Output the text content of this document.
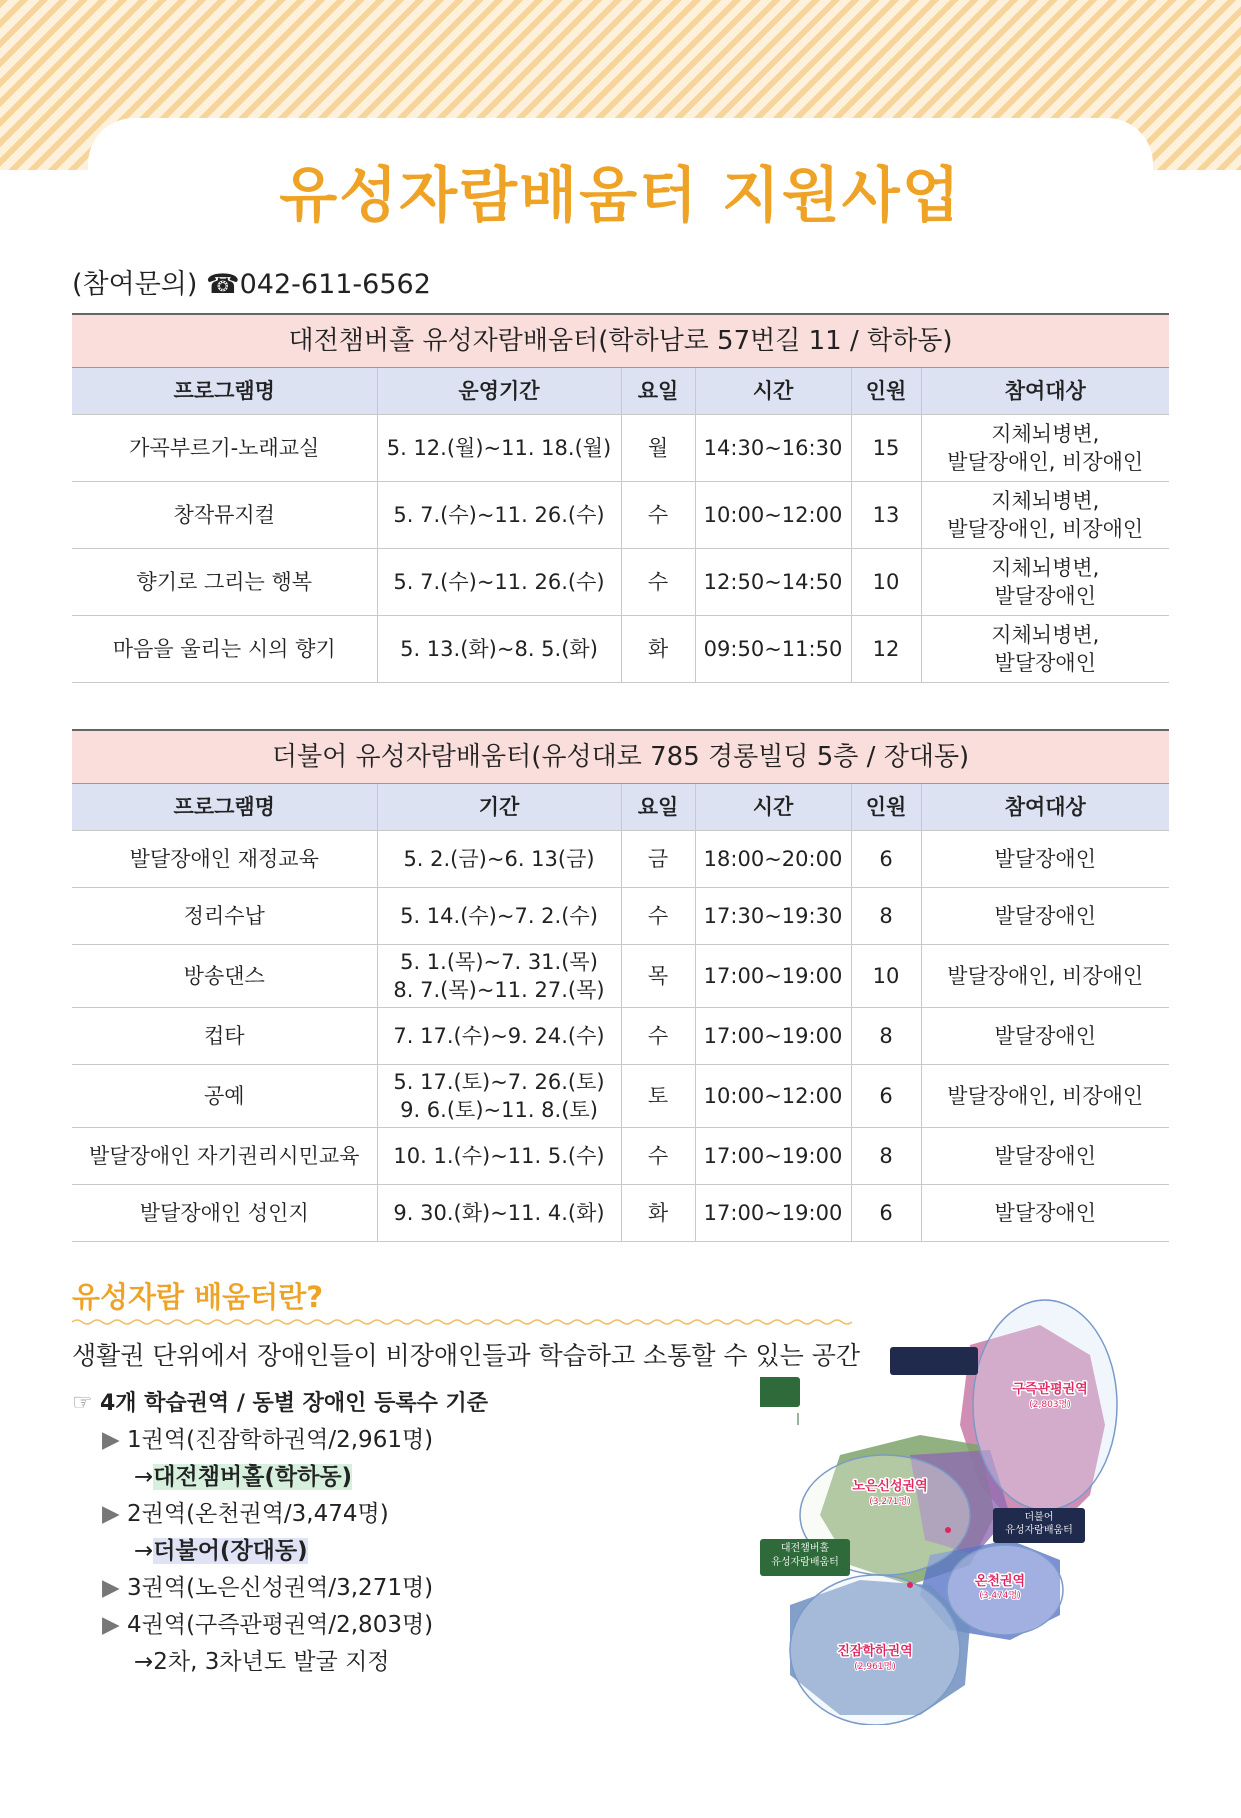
유성자람배움터 지원사업
(참여문의) ☎042-611-6562
대전챔버홀 유성자람배움터(학하남로 57번길 11 / 학하동)					
프로그램명	운영기간	요일	시간	인원	참여대상
가곡부르기-노래교실	5. 12.(월)~11. 18.(월)	월	14:30~16:30	15	지체뇌병변,
발달장애인, 비장애인

창작뮤지컬	5. 7.(수)~11. 26.(수)	수	10:00~12:00	13	지체뇌병변,
발달장애인, 비장애인

향기로 그리는 행복	5. 7.(수)~11. 26.(수)	수	12:50~14:50	10	지체뇌병변,
발달장애인

마음을 울리는 시의 향기	5. 13.(화)~8. 5.(화)	화	09:50~11:50	12	지체뇌병변,
발달장애인
더불어 유성자람배움터(유성대로 785 경롱빌딩 5층 / 장대동)					
프로그램명	기간	요일	시간	인원	참여대상
발달장애인 재정교육	5. 2.(금)~6. 13(금)	금	18:00~20:00	6	발달장애인
정리수납	5. 14.(수)~7. 2.(수)	수	17:30~19:30	8	발달장애인
방송댄스	5. 1.(목)~7. 31.(목)
8. 7.(목)~11. 27.(목)	목	17:00~19:00	10	발달장애인, 비장애인
컵타	7. 17.(수)~9. 24.(수)	수	17:00~19:00	8	발달장애인
공예	5. 17.(토)~7. 26.(토)
9. 6.(토)~11. 8.(토)	토	10:00~12:00	6	발달장애인, 비장애인
발달장애인 자기권리시민교육	10. 1.(수)~11. 5.(수)	수	17:00~19:00	8	발달장애인
발달장애인 성인지	9. 30.(화)~11. 4.(화)	화	17:00~19:00	6	발달장애인
유성자람 배움터란?
생활권 단위에서 장애인들이 비장애인들과 학습하고 소통할 수 있는 공간
☞ 4개 학습권역 / 동별 장애인 등록수 기준
▶ 1권역(진잠학하권역/2,961명)
→대전챔버홀(학하동)
▶ 2권역(온천권역/3,474명)
→더불어(장대동)
▶ 3권역(노은신성권역/3,271명)
▶ 4권역(구즉관평권역/2,803명)
→2차, 3차년도 발굴 지정
구즉관평권역
(2,803명)
노은신성권역
(3,271명)
온천권역
(3,474명)
진잠학하권역
(2,961명)
대전챔버홀
유성자람배움터
더불어
유성자람배움터
